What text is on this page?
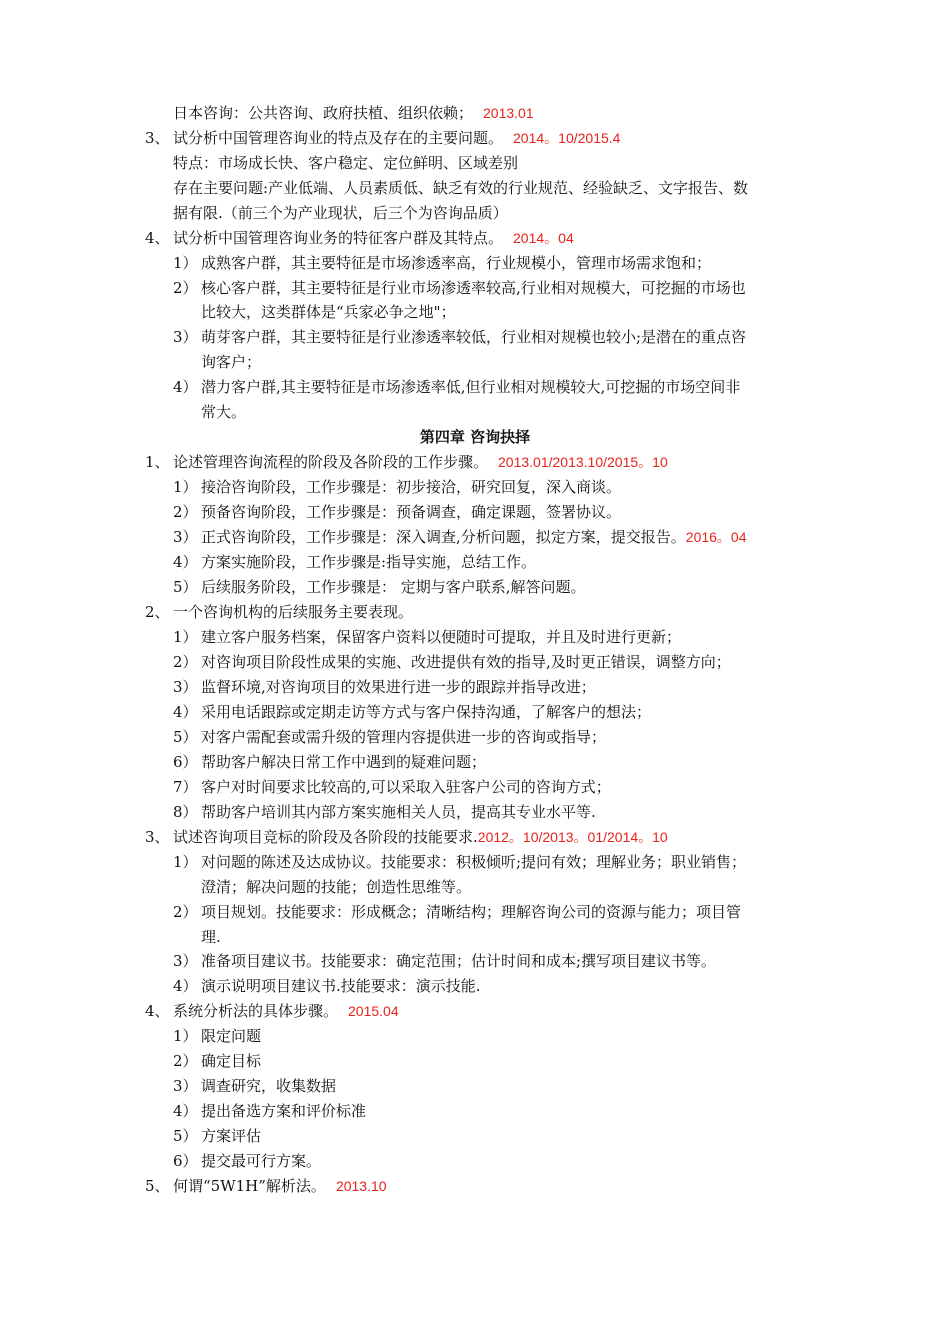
日本咨询：公共咨询、政府扶植、组织依赖； 2013.01
3、 试分析中国管理咨询业的特点及存在的主要问题。 2014。10/2015.4
特点：市场成长快、客户稳定、定位鲜明、区域差别
存在主要问题:产业低端、人员素质低、缺乏有效的行业规范、经验缺乏、文字报告、数
据有限.（前三个为产业现状，后三个为咨询品质）
4、 试分析中国管理咨询业务的特征客户群及其特点。 2014。04
1） 成熟客户群，其主要特征是市场渗透率高，行业规模小，管理市场需求饱和；
2） 核心客户群，其主要特征是行业市场渗透率较高,行业相对规模大，可挖掘的市场也
比较大，这类群体是“兵家必争之地"；
3） 萌芽客户群，其主要特征是行业渗透率较低，行业相对规模也较小;是潜在的重点咨
询客户；
4） 潜力客户群,其主要特征是市场渗透率低,但行业相对规模较大,可挖掘的市场空间非
常大。
第四章 咨询抉择
1、 论述管理咨询流程的阶段及各阶段的工作步骤。 2013.01/2013.10/2015。10
1） 接洽咨询阶段，工作步骤是：初步接洽，研究回复，深入商谈。
2） 预备咨询阶段，工作步骤是：预备调查，确定课题，签署协议。
3） 正式咨询阶段，工作步骤是：深入调查,分析问题，拟定方案，提交报告。2016。04
4） 方案实施阶段，工作步骤是:指导实施，总结工作。
5） 后续服务阶段，工作步骤是： 定期与客户联系,解答问题。
2、 一个咨询机构的后续服务主要表现。
1） 建立客户服务档案，保留客户资料以便随时可提取，并且及时进行更新；
2） 对咨询项目阶段性成果的实施、改进提供有效的指导,及时更正错误，调整方向；
3） 监督环境,对咨询项目的效果进行进一步的跟踪并指导改进；
4） 采用电话跟踪或定期走访等方式与客户保持沟通，了解客户的想法；
5） 对客户需配套或需升级的管理内容提供进一步的咨询或指导；
6） 帮助客户解决日常工作中遇到的疑难问题；
7） 客户对时间要求比较高的,可以采取入驻客户公司的咨询方式；
8） 帮助客户培训其内部方案实施相关人员，提高其专业水平等.
3、 试述咨询项目竞标的阶段及各阶段的技能要求.2012。10/2013。01/2014。10
1） 对问题的陈述及达成协议。技能要求：积极倾听;提问有效；理解业务；职业销售；
澄清；解决问题的技能；创造性思维等。
2） 项目规划。技能要求：形成概念；清晰结构；理解咨询公司的资源与能力；项目管
理.
3） 准备项目建议书。技能要求：确定范围；估计时间和成本;撰写项目建议书等。
4） 演示说明项目建议书.技能要求：演示技能.
4、 系统分析法的具体步骤。 2015.04
1） 限定问题
2） 确定目标
3） 调查研究，收集数据
4） 提出备选方案和评价标准
5） 方案评估
6） 提交最可行方案。
5、 何谓“5W1H”解析法。 2013.10
